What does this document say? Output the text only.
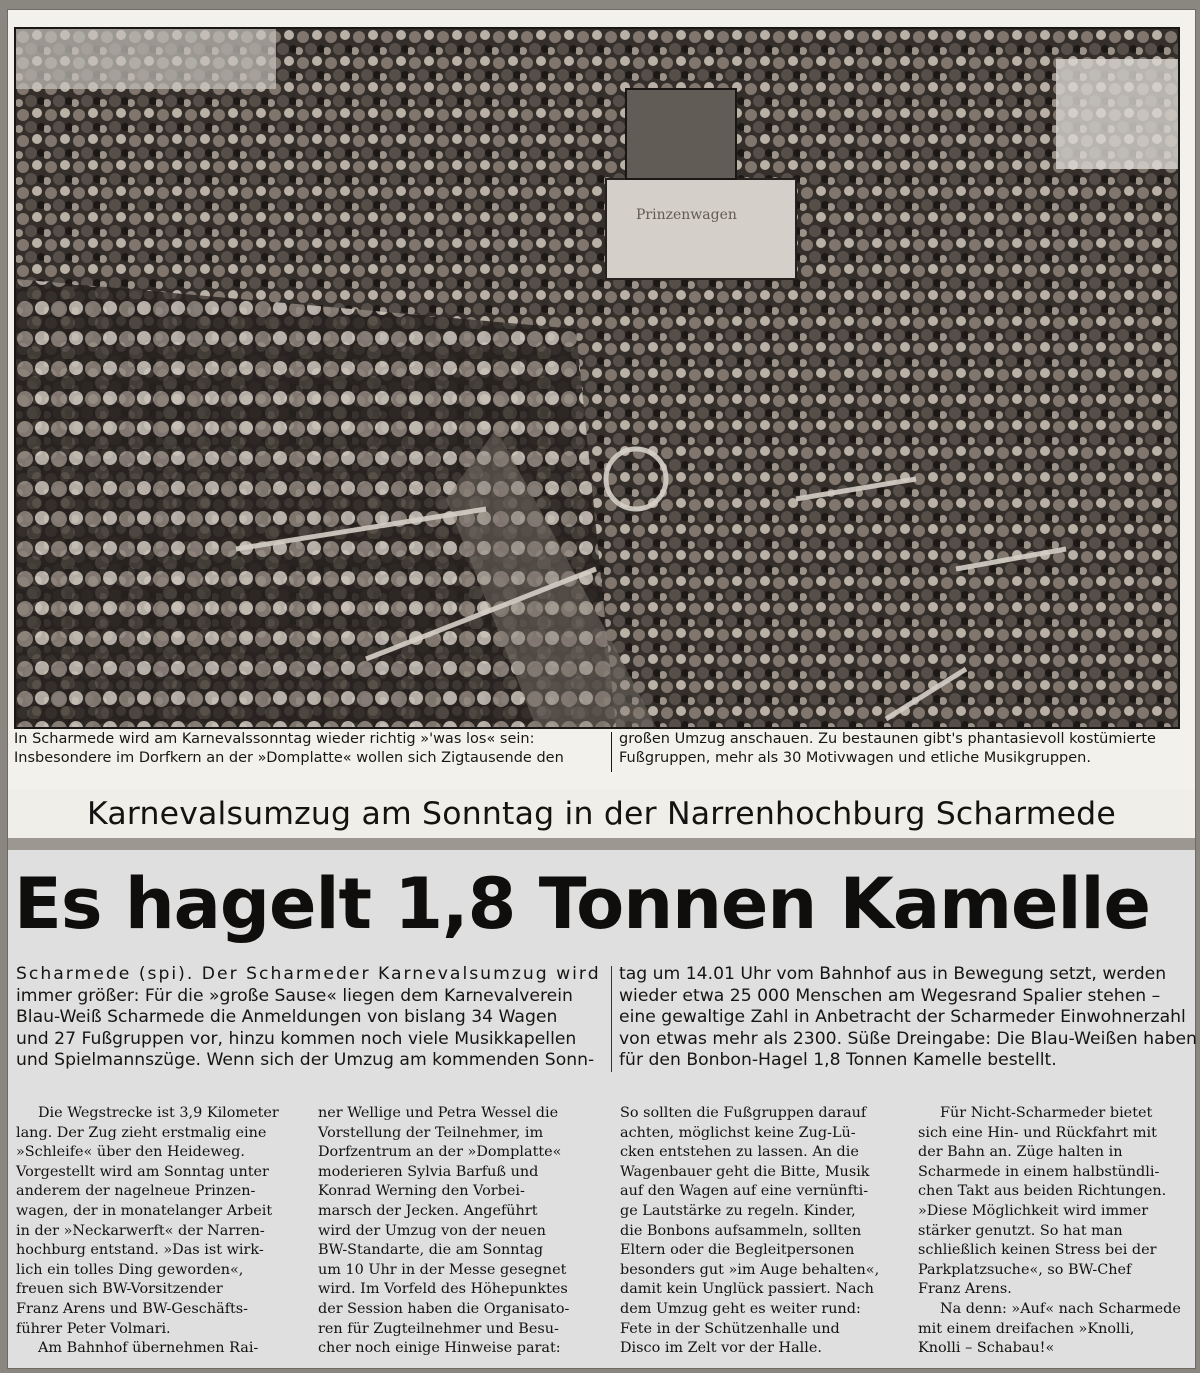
Prinzenwagen
In Scharmede wird am Karnevalssonntag wieder richtig »'was los« sein:
Insbesondere im Dorfkern an der »Domplatte« wollen sich Zigtausende den
großen Umzug anschauen. Zu bestaunen gibt's phantasievoll kostümierte
Fußgruppen, mehr als 30 Motivwagen und etliche Musikgruppen.
Karnevalsumzug am Sonntag in der Narrenhochburg Scharmede
Es hagelt 1,8 Tonnen Kamelle
Scharmede (spi). Der Scharmeder Karnevalsumzug wird
immer größer: Für die »große Sause« liegen dem Karnevalverein
Blau-Weiß Scharmede die Anmeldungen von bislang 34 Wagen
und 27 Fußgruppen vor, hinzu kommen noch viele Musikkapellen
und Spielmannszüge. Wenn sich der Umzug am kommenden Sonn-
tag um 14.01 Uhr vom Bahnhof aus in Bewegung setzt, werden
wieder etwa 25 000 Menschen am Wegesrand Spalier stehen –
eine gewaltige Zahl in Anbetracht der Scharmeder Einwohnerzahl
von etwas mehr als 2300. Süße Dreingabe: Die Blau-Weißen haben
für den Bonbon-Hagel 1,8 Tonnen Kamelle bestellt.
Die Wegstrecke ist 3,9 Kilometer
lang. Der Zug zieht erstmalig eine
»Schleife« über den Heideweg.
Vorgestellt wird am Sonntag unter
anderem der nagelneue Prinzen-
wagen, der in monatelanger Arbeit
in der »Neckarwerft« der Narren-
hochburg entstand. »Das ist wirk-
lich ein tolles Ding geworden«,
freuen sich BW-Vorsitzender
Franz Arens und BW-Geschäfts-
führer Peter Volmari.
Am Bahnhof übernehmen Rai-
ner Wellige und Petra Wessel die
Vorstellung der Teilnehmer, im
Dorfzentrum an der »Domplatte«
moderieren Sylvia Barfuß und
Konrad Werning den Vorbei-
marsch der Jecken. Angeführt
wird der Umzug von der neuen
BW-Standarte, die am Sonntag
um 10 Uhr in der Messe gesegnet
wird. Im Vorfeld des Höhepunktes
der Session haben die Organisato-
ren für Zugteilnehmer und Besu-
cher noch einige Hinweise parat:
So sollten die Fußgruppen darauf
achten, möglichst keine Zug-Lü-
cken entstehen zu lassen. An die
Wagenbauer geht die Bitte, Musik
auf den Wagen auf eine vernünfti-
ge Lautstärke zu regeln. Kinder,
die Bonbons aufsammeln, sollten
Eltern oder die Begleitpersonen
besonders gut »im Auge behalten«,
damit kein Unglück passiert. Nach
dem Umzug geht es weiter rund:
Fete in der Schützenhalle und
Disco im Zelt vor der Halle.
Für Nicht-Scharmeder bietet
sich eine Hin- und Rückfahrt mit
der Bahn an. Züge halten in
Scharmede in einem halbstündli-
chen Takt aus beiden Richtungen.
»Diese Möglichkeit wird immer
stärker genutzt. So hat man
schließlich keinen Stress bei der
Parkplatzsuche«, so BW-Chef
Franz Arens.
Na denn: »Auf« nach Scharmede
mit einem dreifachen »Knolli,
Knolli – Schabau!«
